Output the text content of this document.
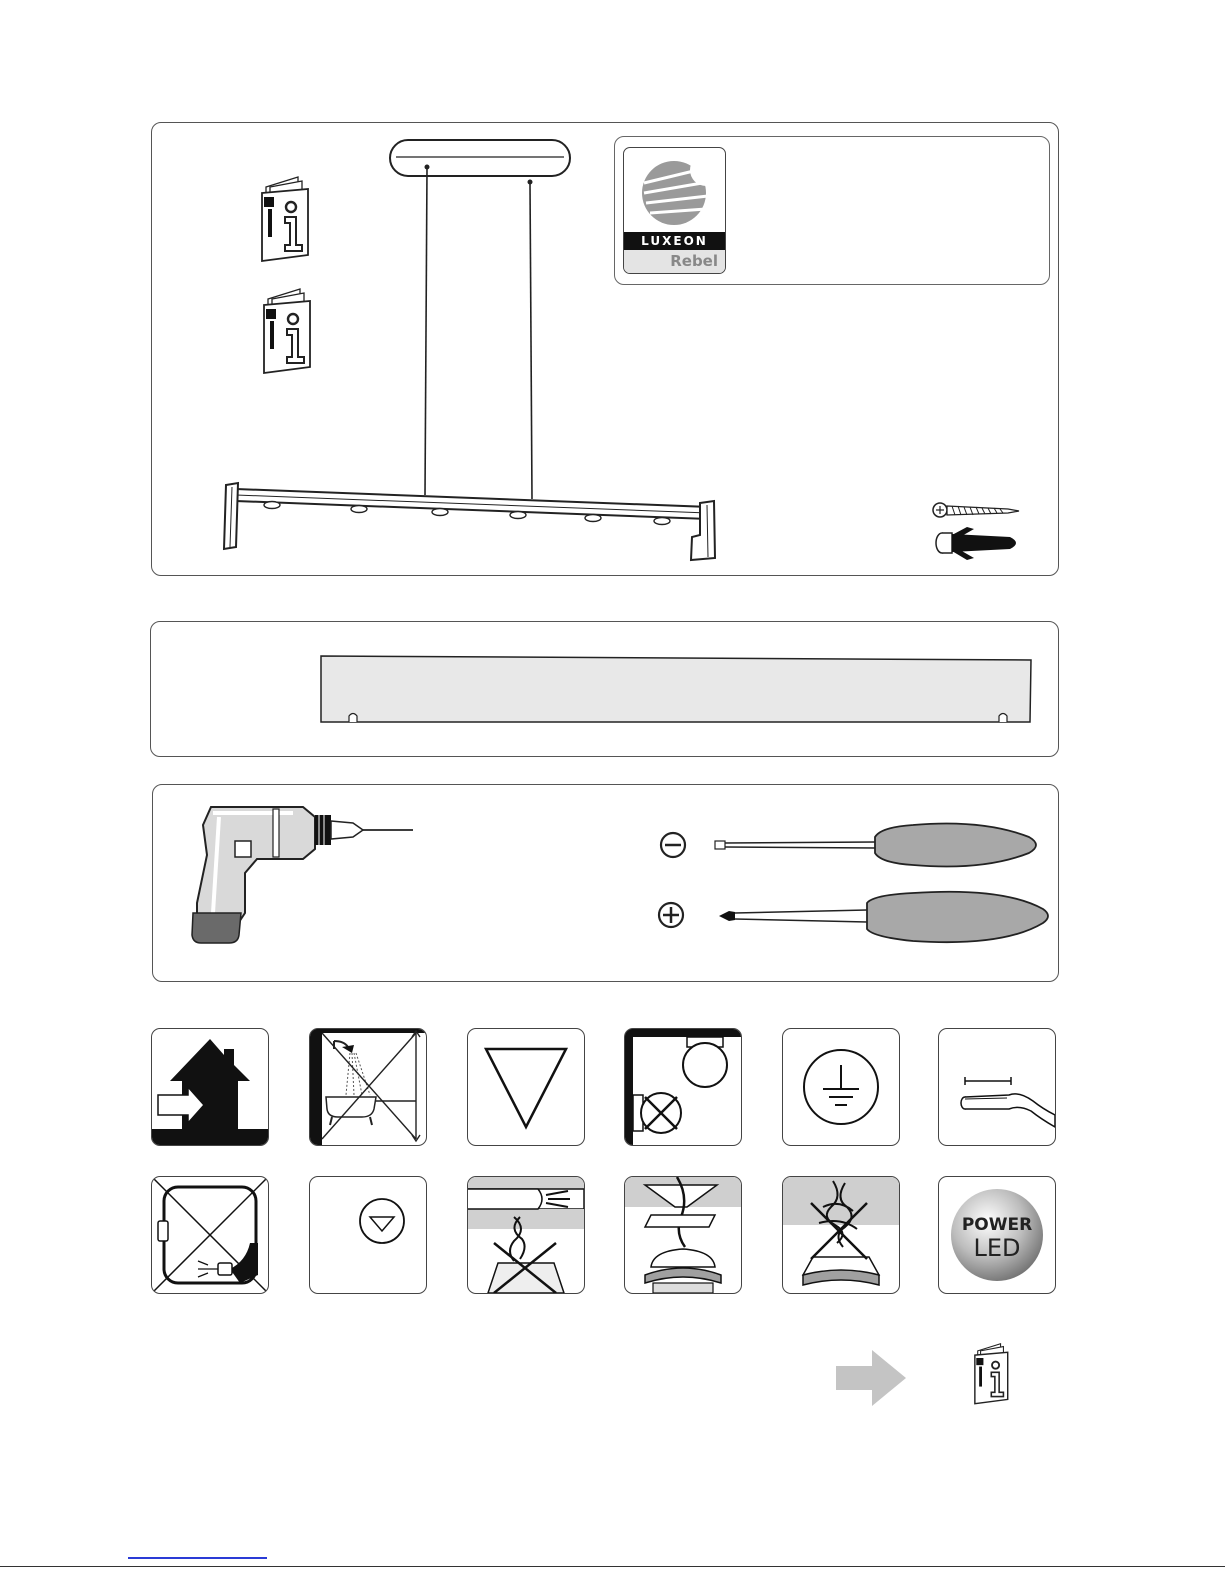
LUXEON
Rebel
POWER
LED
